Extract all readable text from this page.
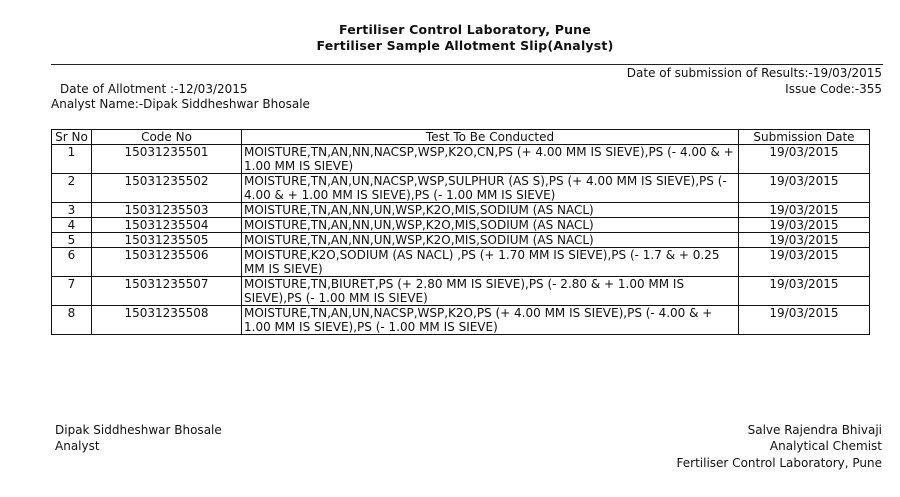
Fertiliser Control Laboratory, Pune
Fertiliser Sample Allotment Slip(Analyst)
Date of submission of Results:-19/03/2015
Issue Code:-355
Date of Allotment :-12/03/2015
Analyst Name:-Dipak Siddheshwar Bhosale
Sr No	Code No	Test To Be Conducted	Submission Date
1	15031235501	MOISTURE,TN,AN,NN,NACSP,WSP,K2O,CN,PS (+ 4.00 MM IS SIEVE),PS (- 4.00 & + 1.00 MM IS SIEVE)	19/03/2015
2	15031235502	MOISTURE,TN,AN,UN,NACSP,WSP,SULPHUR (AS S),PS (+ 4.00 MM IS SIEVE),PS (- 4.00 & + 1.00 MM IS SIEVE),PS (- 1.00 MM IS SIEVE)	19/03/2015
3	15031235503	MOISTURE,TN,AN,NN,UN,WSP,K2O,MIS,SODIUM (AS NACL)	19/03/2015
4	15031235504	MOISTURE,TN,AN,NN,UN,WSP,K2O,MIS,SODIUM (AS NACL)	19/03/2015
5	15031235505	MOISTURE,TN,AN,NN,UN,WSP,K2O,MIS,SODIUM (AS NACL)	19/03/2015
6	15031235506	MOISTURE,K2O,SODIUM (AS NACL) ,PS (+ 1.70 MM IS SIEVE),PS (- 1.7 & + 0.25 MM IS SIEVE)	19/03/2015
7	15031235507	MOISTURE,TN,BIURET,PS (+ 2.80 MM IS SIEVE),PS (- 2.80 & + 1.00 MM IS SIEVE),PS (- 1.00 MM IS SIEVE)	19/03/2015
8	15031235508	MOISTURE,TN,AN,UN,NACSP,WSP,K2O,PS (+ 4.00 MM IS SIEVE),PS (- 4.00 & + 1.00 MM IS SIEVE),PS (- 1.00 MM IS SIEVE)	19/03/2015
Dipak Siddheshwar Bhosale
Analyst
Salve Rajendra Bhivaji
Analytical Chemist
Fertiliser Control Laboratory, Pune
